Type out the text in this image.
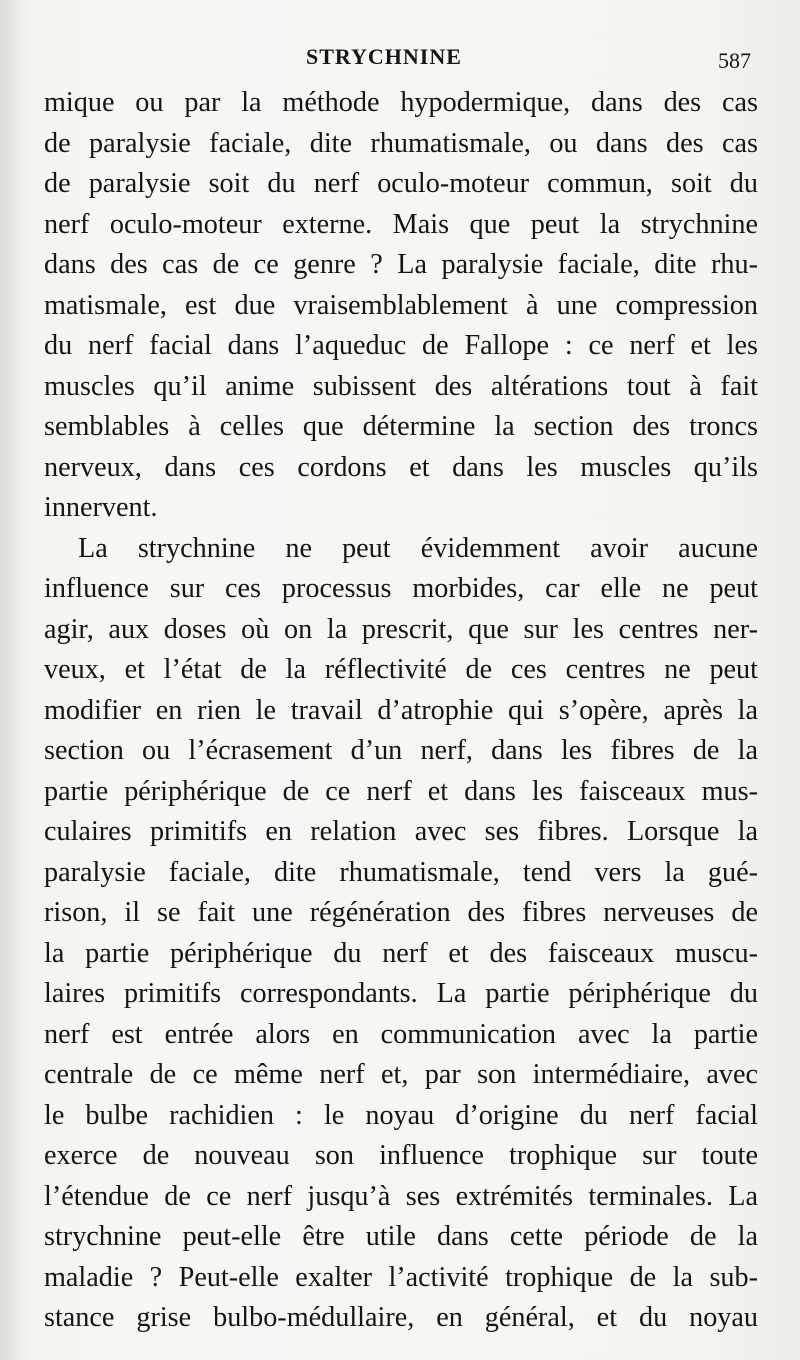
STRYCHNINE	587
mique ou par la méthode hypodermique, dans des cas
de paralysie faciale, dite rhumatismale, ou dans des cas
de paralysie soit du nerf oculo-moteur commun, soit du
nerf oculo-moteur externe. Mais que peut la strychnine
dans des cas de ce genre ? La paralysie faciale, dite rhu-
matismale, est due vraisemblablement à une compression
du nerf facial dans l’aqueduc de Fallope : ce nerf et les
muscles qu’il anime subissent des altérations tout à fait
semblables à celles que détermine la section des troncs
nerveux, dans ces cordons et dans les muscles qu’ils
innervent.
La strychnine ne peut évidemment avoir aucune
influence sur ces processus morbides, car elle ne peut
agir, aux doses où on la prescrit, que sur les centres ner-
veux, et l’état de la réflectivité de ces centres ne peut
modifier en rien le travail d’atrophie qui s’opère, après la
section ou l’écrasement d’un nerf, dans les fibres de la
partie périphérique de ce nerf et dans les faisceaux mus-
culaires primitifs en relation avec ses fibres. Lorsque la
paralysie faciale, dite rhumatismale, tend vers la gué-
rison, il se fait une régénération des fibres nerveuses de
la partie périphérique du nerf et des faisceaux muscu-
laires primitifs correspondants. La partie périphérique du
nerf est entrée alors en communication avec la partie
centrale de ce même nerf et, par son intermédiaire, avec
le bulbe rachidien : le noyau d’origine du nerf facial
exerce de nouveau son influence trophique sur toute
l’étendue de ce nerf jusqu’à ses extrémités terminales. La
strychnine peut-elle être utile dans cette période de la
maladie ? Peut-elle exalter l’activité trophique de la sub-
stance grise bulbo-médullaire, en général, et du noyau
